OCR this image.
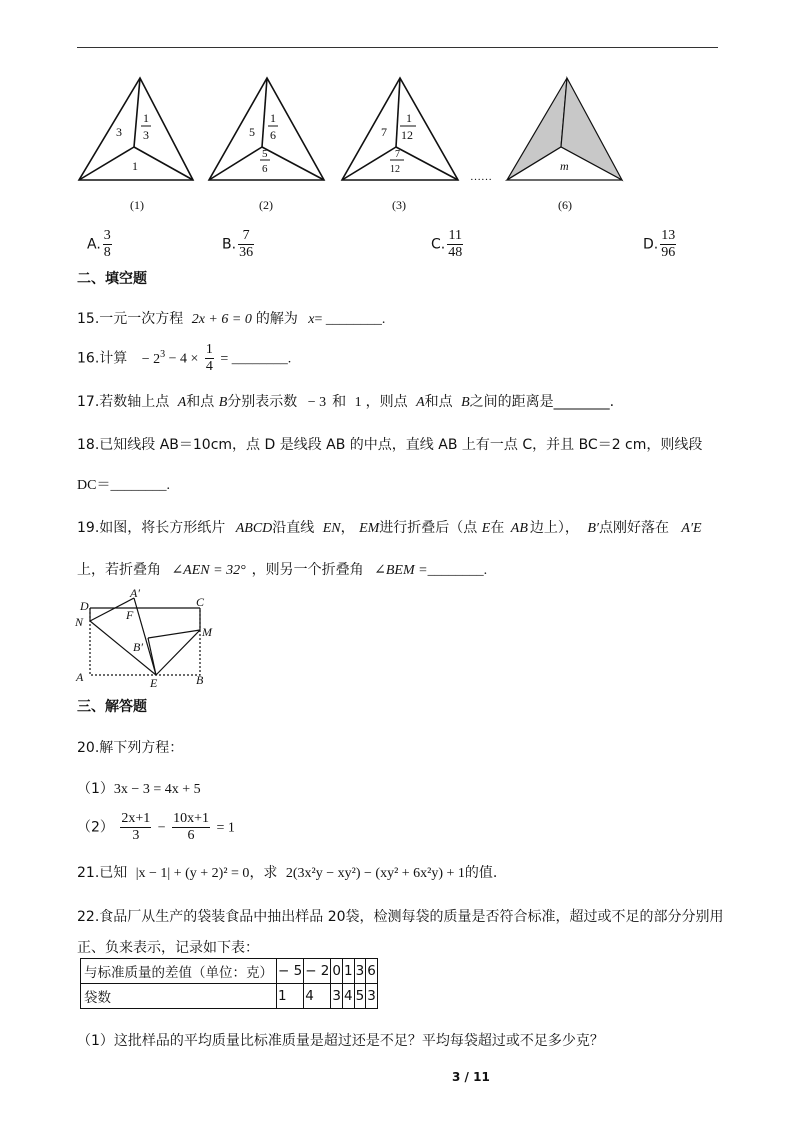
3
1
3
1
5
1
6
5
6
7
1
12
7
12	m
……
(1)	(2)	(3)	(6)
A. $\frac{3}{8}$	B. $\frac{7}{36}$	C. $\frac{11}{48}$	D. $\frac{13}{96}$
二、填空题
15.一元一次方程 2x + 6 = 0 的解为 x= ________.
16.计算 − $2^3 - 4 \times \frac{1}{4}$ = ________.
17.若数轴上点 A和点 B分别表示数 − 3 和 1 ，则点 A和点 B之间的距离是________.
18.已知线段 AB＝10cm，点 D 是线段 AB 的中点，直线 AB 上有一点 C，并且 BC＝2 cm，则线段
DC＝________.
19.如图，将长方形纸片 ABCD沿直线 EN， EM进行折叠后（点 E在 AB 边上）， B′点刚好落在 A′E
上，若折叠角 ∠AEN = 32° ，则另一个折叠角 ∠BEM =________.
D
A′
C
N	F
M
B′
A	E	B
三、解答题
20.解下列方程：
（1）3x − 3 = 4x + 5
$(2) \frac{2x+1}{3} - \frac{10x+1}{6} = 1$
21.已知 |x − 1| + (y + 2)² = 0，求 2(3x²y − xy²) − (xy² + 6x²y) + 1的值.
22.食品厂从生产的袋装食品中抽出样品 20袋，检测每袋的质量是否符合标准，超过或不足的部分分别用
正、负来表示，记录如下表：
与标准质量的差值（单位：克）	− 5	− 2	0	1	3	6
袋数	1	4	3	4	5	3
（1）这批样品的平均质量比标准质量是超过还是不足？平均每袋超过或不足多少克？
3 / 11
